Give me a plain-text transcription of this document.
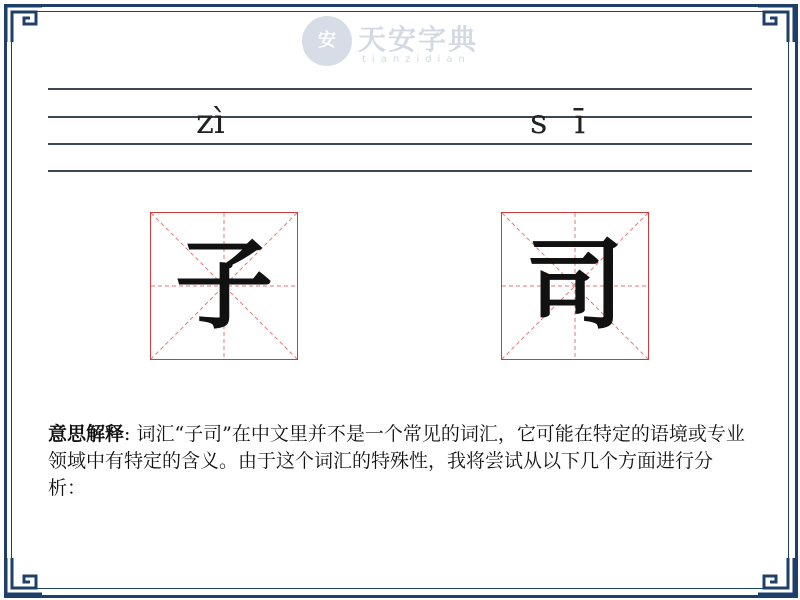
安 天安字典
tianzidian
zì	s ī
子	司
意思解释: 词汇“子司”在中文里并不是一个常见的词汇，它可能在特定的语境或专业领域中有特定的含义。由于这个词汇的特殊性，我将尝试从以下几个方面进行分析：
